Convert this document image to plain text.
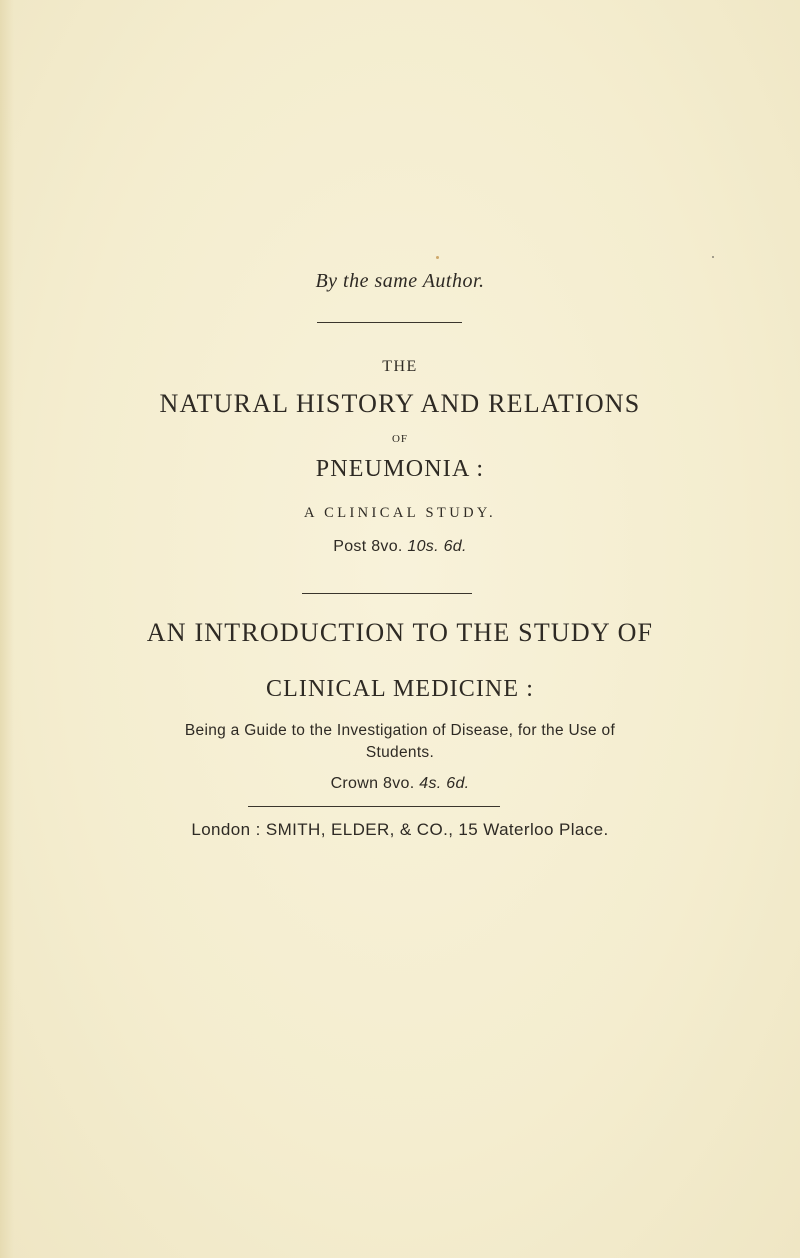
By the same Author.
THE
NATURAL HISTORY AND RELATIONS
OF
PNEUMONIA :
A CLINICAL STUDY.
Post 8vo. 10s. 6d.
AN INTRODUCTION TO THE STUDY OF
CLINICAL MEDICINE :
Being a Guide to the Investigation of Disease, for the Use of
Students.
Crown 8vo. 4s. 6d.
London : SMITH, ELDER, & CO., 15 Waterloo Place.
